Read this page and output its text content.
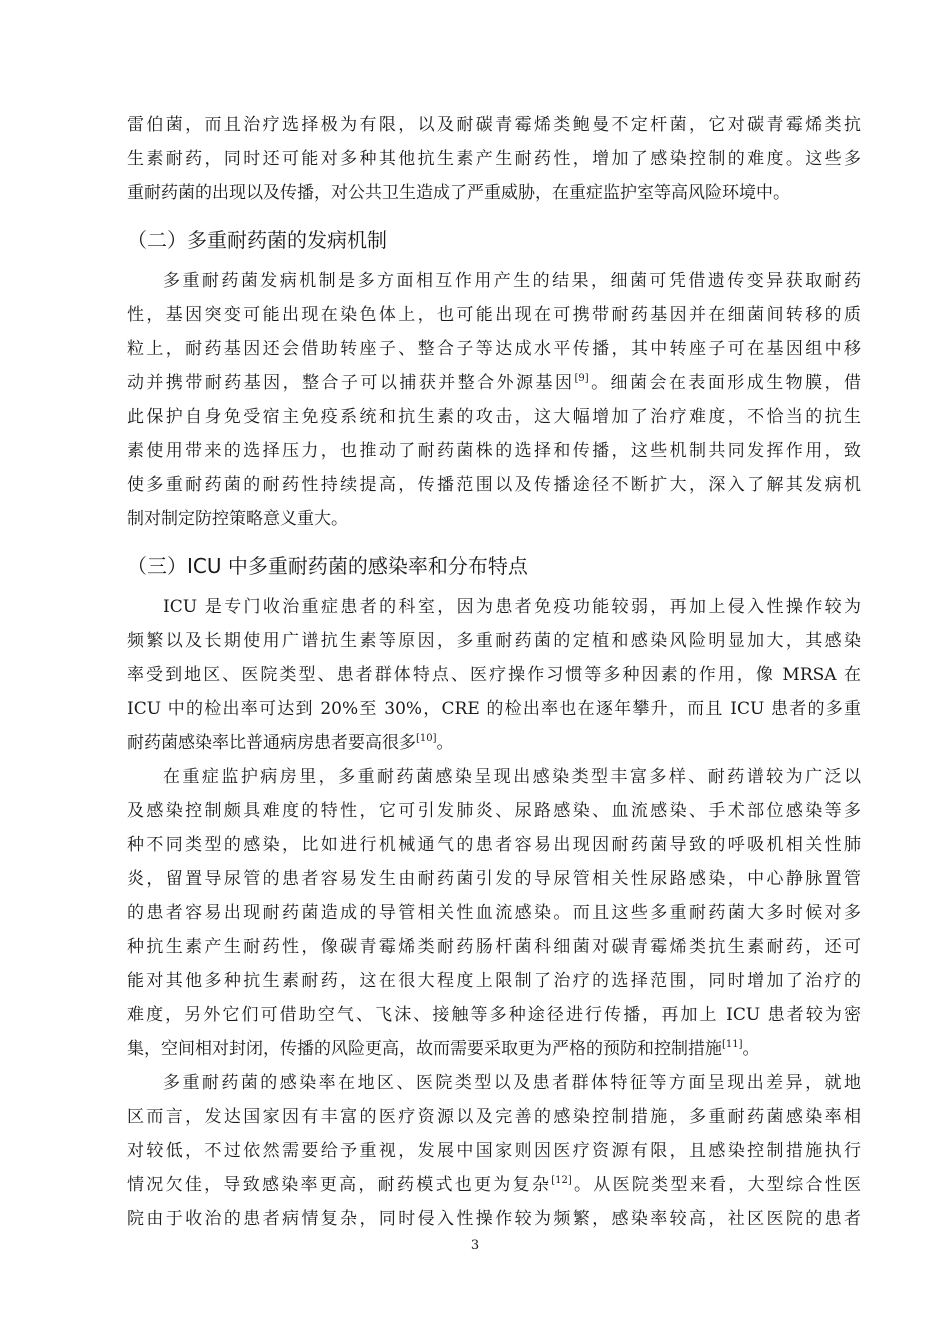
雷伯菌，而且治疗选择极为有限，以及耐碳青霉烯类鲍曼不定杆菌，它对碳青霉烯类抗
生素耐药，同时还可能对多种其他抗生素产生耐药性，增加了感染控制的难度。这些多
重耐药菌的出现以及传播，对公共卫生造成了严重威胁，在重症监护室等高风险环境中。
（二）多重耐药菌的发病机制
多重耐药菌发病机制是多方面相互作用产生的结果，细菌可凭借遗传变异获取耐药
性，基因突变可能出现在染色体上，也可能出现在可携带耐药基因并在细菌间转移的质
粒上，耐药基因还会借助转座子、整合子等达成水平传播，其中转座子可在基因组中移
动并携带耐药基因，整合子可以捕获并整合外源基因[9]。细菌会在表面形成生物膜，借
此保护自身免受宿主免疫系统和抗生素的攻击，这大幅增加了治疗难度，不恰当的抗生
素使用带来的选择压力，也推动了耐药菌株的选择和传播，这些机制共同发挥作用，致
使多重耐药菌的耐药性持续提高，传播范围以及传播途径不断扩大，深入了解其发病机
制对制定防控策略意义重大。
（三）ICU 中多重耐药菌的感染率和分布特点
ICU 是专门收治重症患者的科室，因为患者免疫功能较弱，再加上侵入性操作较为
频繁以及长期使用广谱抗生素等原因，多重耐药菌的定植和感染风险明显加大，其感染
率受到地区、医院类型、患者群体特点、医疗操作习惯等多种因素的作用，像 MRSA 在
ICU 中的检出率可达到 20%至 30%，CRE 的检出率也在逐年攀升，而且 ICU 患者的多重
耐药菌感染率比普通病房患者要高很多[10]。
在重症监护病房里，多重耐药菌感染呈现出感染类型丰富多样、耐药谱较为广泛以
及感染控制颇具难度的特性，它可引发肺炎、尿路感染、血流感染、手术部位感染等多
种不同类型的感染，比如进行机械通气的患者容易出现因耐药菌导致的呼吸机相关性肺
炎，留置导尿管的患者容易发生由耐药菌引发的导尿管相关性尿路感染，中心静脉置管
的患者容易出现耐药菌造成的导管相关性血流感染。而且这些多重耐药菌大多时候对多
种抗生素产生耐药性，像碳青霉烯类耐药肠杆菌科细菌对碳青霉烯类抗生素耐药，还可
能对其他多种抗生素耐药，这在很大程度上限制了治疗的选择范围，同时增加了治疗的
难度，另外它们可借助空气、飞沫、接触等多种途径进行传播，再加上 ICU 患者较为密
集，空间相对封闭，传播的风险更高，故而需要采取更为严格的预防和控制措施[11]。
多重耐药菌的感染率在地区、医院类型以及患者群体特征等方面呈现出差异，就地
区而言，发达国家因有丰富的医疗资源以及完善的感染控制措施，多重耐药菌感染率相
对较低，不过依然需要给予重视，发展中国家则因医疗资源有限，且感染控制措施执行
情况欠佳，导致感染率更高，耐药模式也更为复杂[12]。从医院类型来看，大型综合性医
院由于收治的患者病情复杂，同时侵入性操作较为频繁，感染率较高，社区医院的患者
3
